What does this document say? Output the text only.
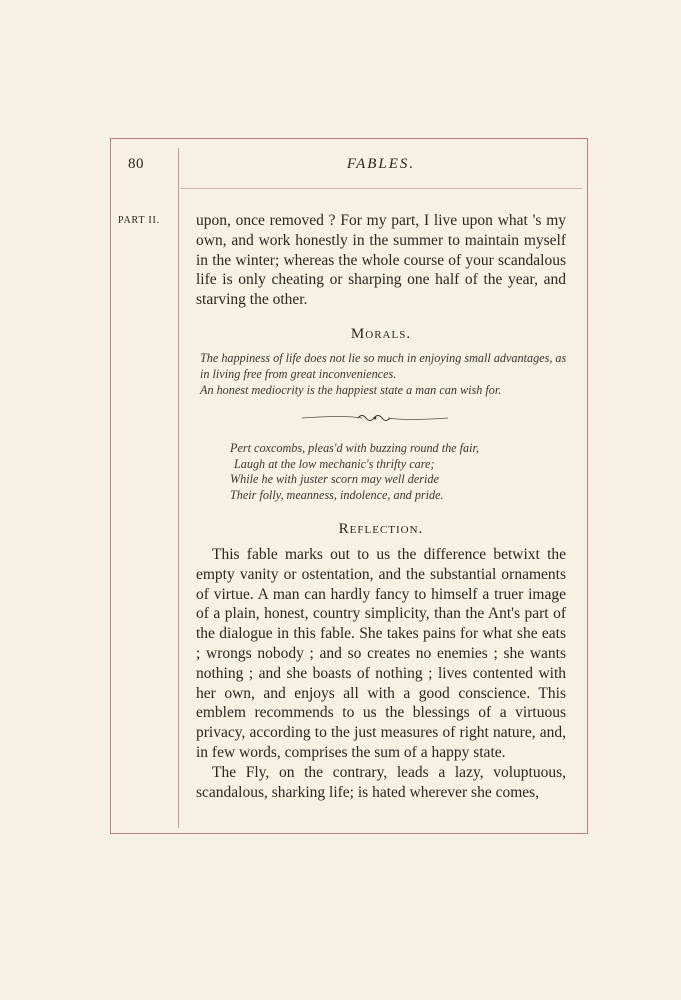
80	FABLES.
PART II. upon, once removed ? For my part, I live upon what 's my own, and work honestly in the summer to maintain myself in the winter; whereas the whole course of your scandalous life is only cheating or sharping one half of the year, and starving the other.

Morals.

The happiness of life does not lie so much in enjoying small advantages, as in living free from great inconveniences.

An honest mediocrity is the happiest state a man can wish for.

Pert coxcombs, pleas'd with buzzing round the fair,
Laugh at the low mechanic's thrifty care;
While he with juster scorn may well deride
Their folly, meanness, indolence, and pride.
Reflection.

This fable marks out to us the difference betwixt the empty vanity or ostentation, and the substantial ornaments of virtue. A man can hardly fancy to himself a truer image of a plain, honest, country simplicity, than the Ant's part of the dialogue in this fable. She takes pains for what she eats ; wrongs nobody ; and so creates no enemies ; she wants nothing ; and she boasts of nothing ; lives contented with her own, and enjoys all with a good conscience. This emblem recommends to us the blessings of a virtuous privacy, according to the just measures of right nature, and, in few words, comprises the sum of a happy state.

The Fly, on the contrary, leads a lazy, voluptuous, scandalous, sharking life; is hated wherever she comes,
